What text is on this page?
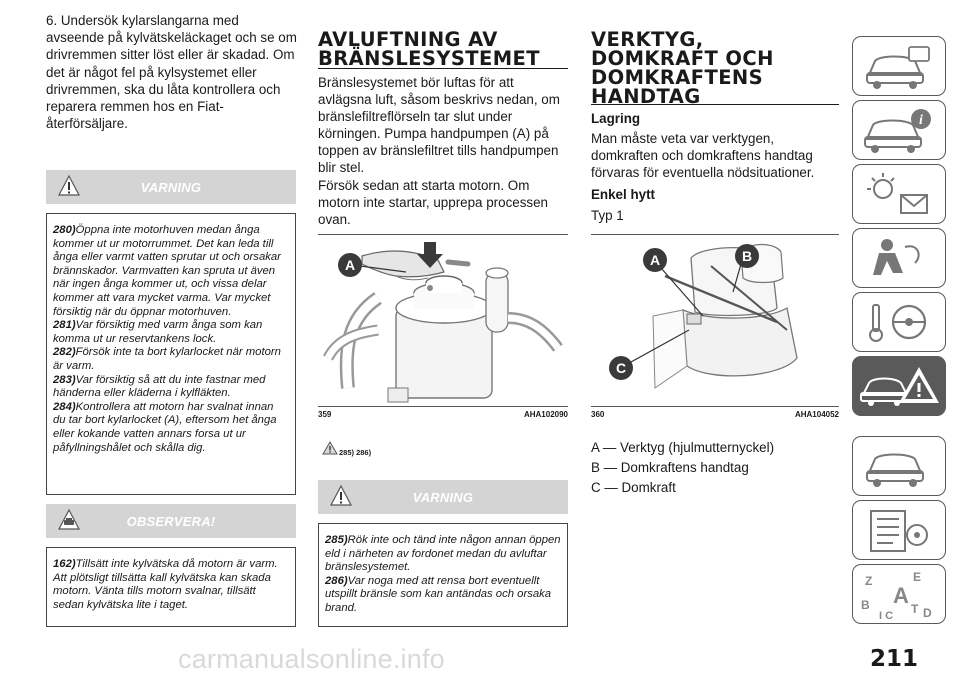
6. Undersök kylarslangarna med avseende på kylvätskeläckaget och se om drivremmen sitter löst eller är skadad. Om det är något fel på kylsystemet eller drivremmen, ska du låta kontrollera och reparera remmen hos en Fiat-återförsäljare.

VARNING

280)Öppna inte motorhuven medan ånga kommer ut ur motorrummet. Det kan leda till ånga eller varmt vatten sprutar ut och orsakar brännskador. Varmvatten kan spruta ut även när ingen ånga kommer ut, och vissa delar kommer att vara mycket varma. Var mycket försiktig när du öppnar motorhuven.

281)Var försiktig med varm ånga som kan komma ut ur reservtankens lock.

282)Försök inte ta bort kylarlocket när motorn är varm.

283)Var försiktig så att du inte fastnar med händerna eller kläderna i kylfläkten.

284)Kontrollera att motorn har svalnat innan du tar bort kylarlocket (A), eftersom het ånga eller kokande vatten annars forsa ut ur påfyllningshålet och skålla dig.

OBSERVERA!

162)Tillsätt inte kylvätska då motorn är varm. Att plötsligt tillsätta kall kylvätska kan skada motorn. Vänta tills motorn svalnar, tillsätt sedan kylvätska lite i taget.

AVLUFTNING AV

BRÄNSLESYSTEMET

Bränslesystemet bör luftas för att avlägsna luft, såsom beskrivs nedan, om bränslefiltreflörseln tar slut under körningen. Pumpa handpumpen (A) på toppen av bränslefiltret tills handpumpen blir stel.

Försök sedan att starta motorn. Om motorn inte startar, upprepa processen ovan.

A
359	AHA102090
285) 286)
VARNING

285)Rök inte och tänd inte någon annan öppen eld i närheten av fordonet medan du avluftar bränslesystemet.

286)Var noga med att rensa bort eventuellt utspillt bränsle som kan antändas och orsaka brand.

VERKTYG,

DOMKRAFT OCH

DOMKRAFTENS

HANDTAG

Lagring

Man måste veta var verktygen, domkraften och domkraftens handtag förvaras för eventuella nödsituationer.

Enkel hytt

Typ 1

A	B
C
360	AHA104052

A — Verktyg (hjulmutternyckel)

B — Domkraftens handtag

C — Domkraft

i
Z	E
A
B
I C T D
carmanualsonline.info	211
